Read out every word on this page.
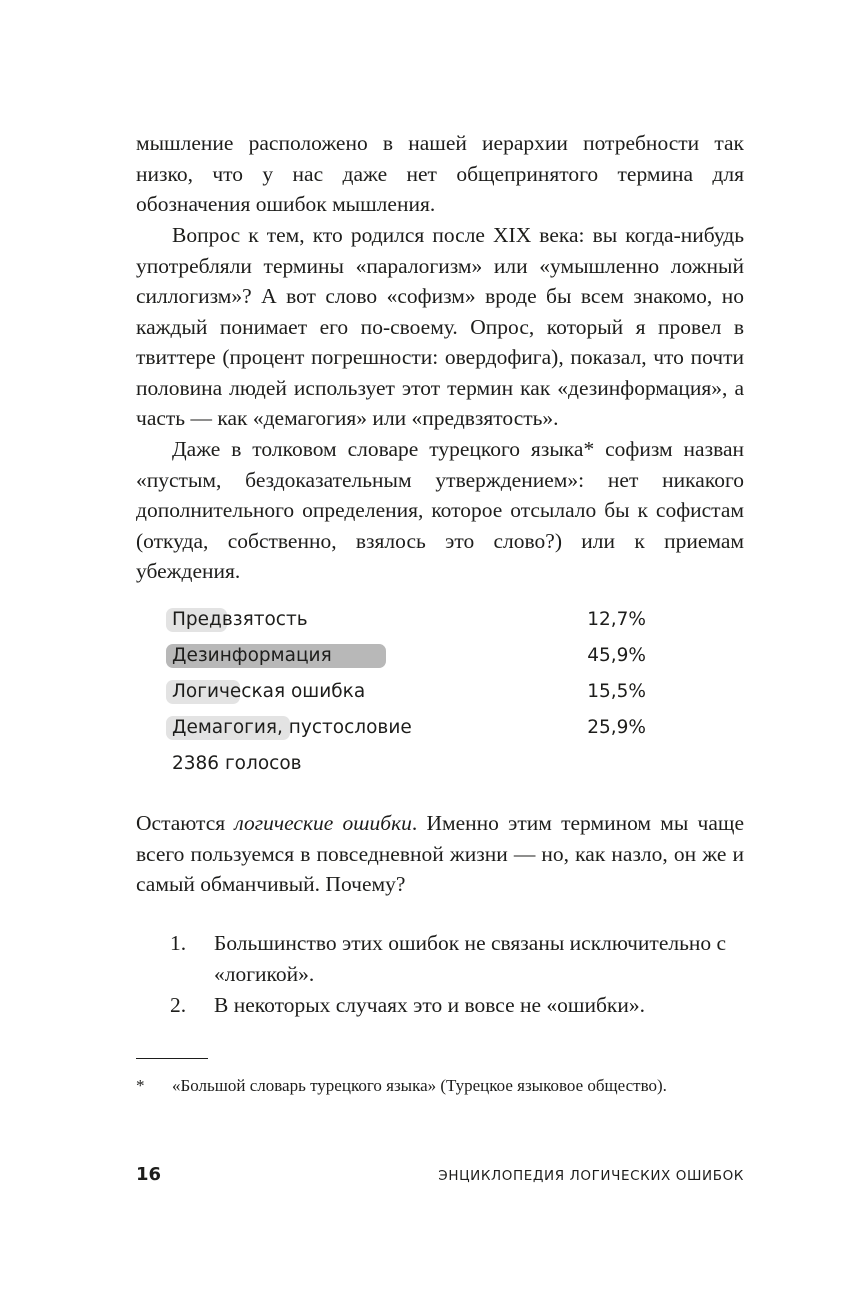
мышление расположено в нашей иерархии потребности так низко, что у нас даже нет общепринятого термина для обозначения ошибок мышления.

Вопрос к тем, кто родился после XIX века: вы когда-нибудь употребляли термины «паралогизм» или «умышленно ложный силлогизм»? А вот слово «софизм» вроде бы всем знакомо, но каждый понимает его по-своему. Опрос, который я провел в твиттере (процент погрешности: овердофига), показал, что почти половина людей использует этот термин как «дезинформация», а часть — как «демагогия» или «предвзятость».

Даже в толковом словаре турецкого языка* софизм назван «пустым, бездоказательным утверждением»: нет никакого дополнительного определения, которое отсылало бы к софистам (откуда, собственно, взялось это слово?) или к приемам убеждения.

Предвзятость	12,7%
Дезинформация	45,9%
Логическая ошибка	15,5%
Демагогия, пустословие	25,9%
2386 голосов

Остаются логические ошибки. Именно этим термином мы чаще всего пользуемся в повседневной жизни — но, как назло, он же и самый обманчивый. Почему?

1. Большинство этих ошибок не связаны исключительно с «логикой».
2. В некоторых случаях это и вовсе не «ошибки».
* «Большой словарь турецкого языка» (Турецкое языковое общество).
16	ЭНЦИКЛОПЕДИЯ ЛОГИЧЕСКИХ ОШИБОК
